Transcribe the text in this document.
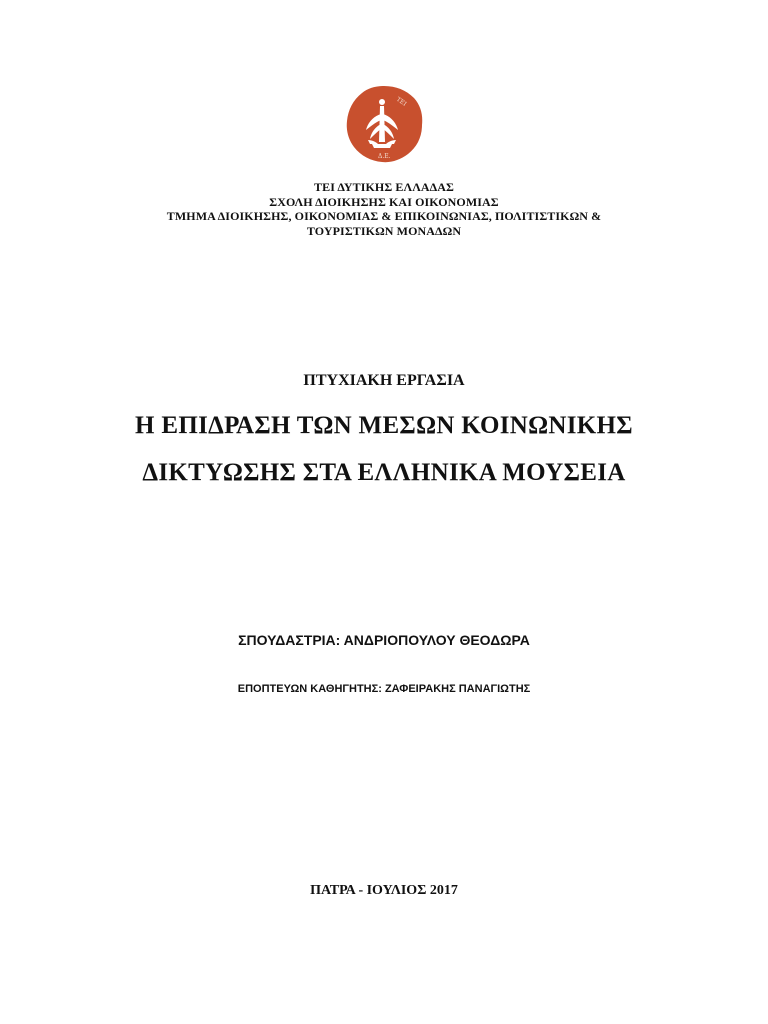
ΤΕΙ
Δ.Ε.
ΤΕΙ ΔΥΤΙΚΗΣ ΕΛΛΑΔΑΣ
ΣΧΟΛΗ ΔΙΟΙΚΗΣΗΣ ΚΑΙ ΟΙΚΟΝΟΜΙΑΣ
ΤΜΗΜΑ ΔΙΟΙΚΗΣΗΣ, ΟΙΚΟΝΟΜΙΑΣ & ΕΠΙΚΟΙΝΩΝΙΑΣ, ΠΟΛΙΤΙΣΤΙΚΩΝ &
ΤΟΥΡΙΣΤΙΚΩΝ ΜΟΝΑΔΩΝ
ΠΤΥΧΙΑΚΗ ΕΡΓΑΣΙΑ
Η ΕΠΙΔΡΑΣΗ ΤΩΝ ΜΕΣΩΝ ΚΟΙΝΩΝΙΚΗΣ
ΔΙΚΤΥΩΣΗΣ ΣΤΑ ΕΛΛΗΝΙΚΑ ΜΟΥΣΕΙΑ
ΣΠΟΥΔΑΣΤΡΙΑ: ΑΝΔΡΙΟΠΟΥΛΟΥ ΘΕΟΔΩΡΑ
ΕΠΟΠΤΕΥΩΝ ΚΑΘΗΓΗΤΗΣ: ΖΑΦΕΙΡΑΚΗΣ ΠΑΝΑΓΙΩΤΗΣ
ΠΑΤΡΑ - ΙΟΥΛΙΟΣ 2017
